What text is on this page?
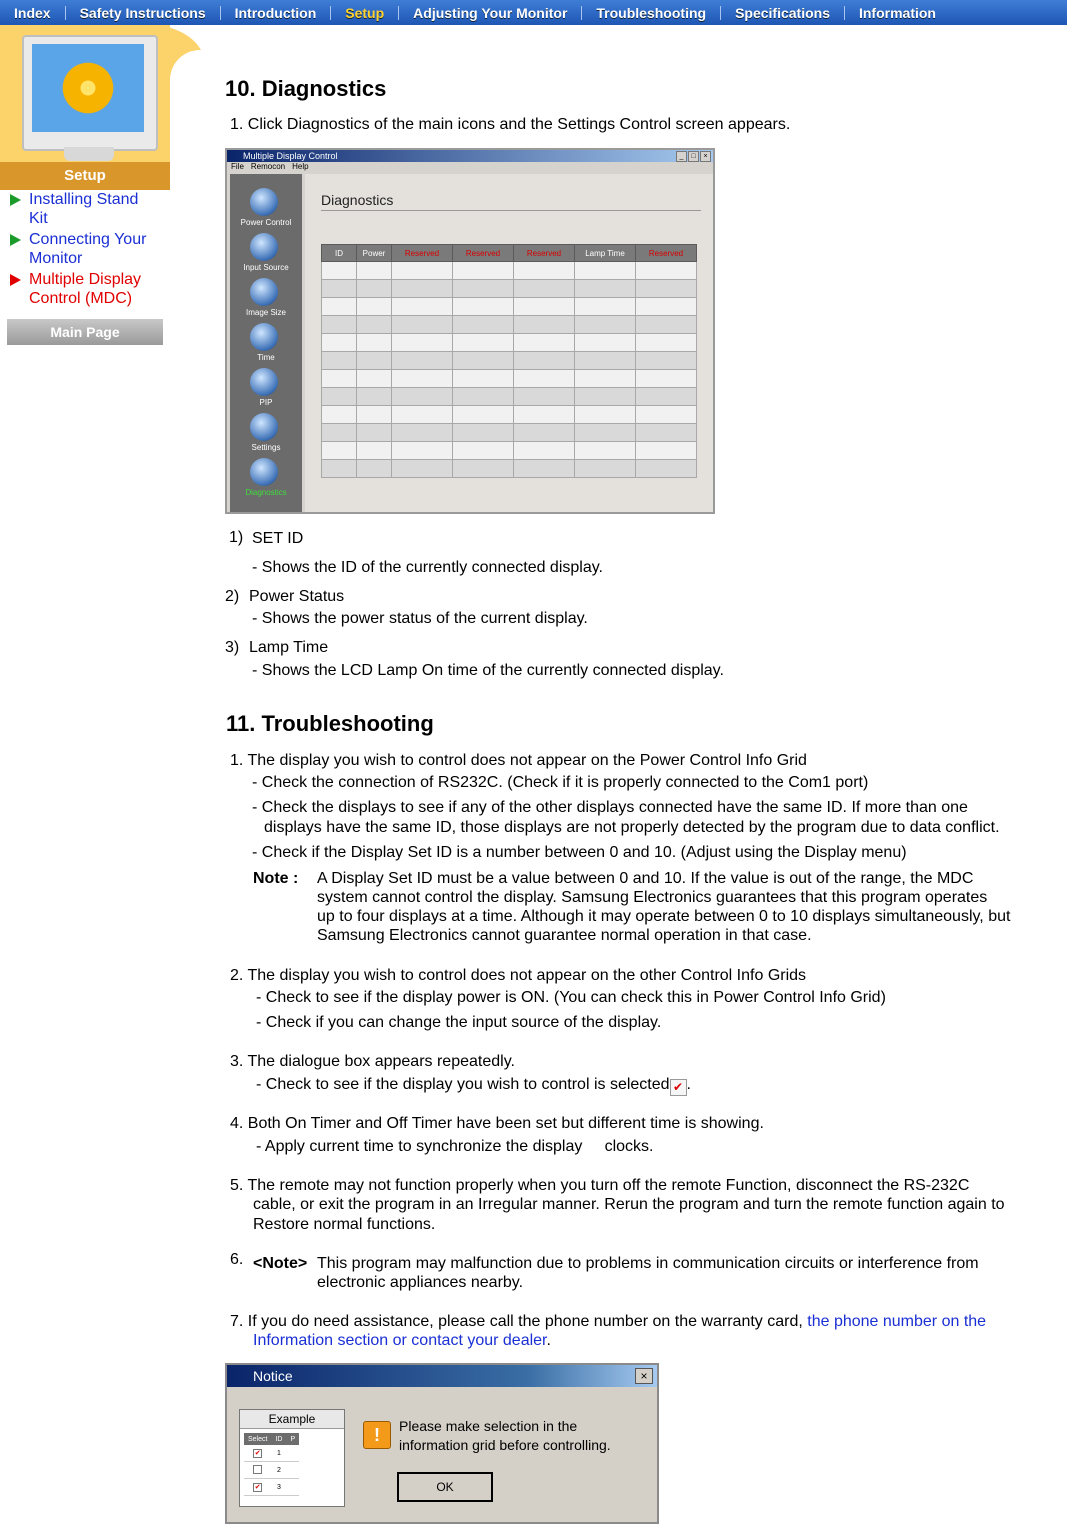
Index	Safety Instructions	Introduction	Setup	Adjusting Your Monitor	Troubleshooting	Specifications	Information
Setup
Installing Stand
Kit
Connecting Your
Monitor
Multiple Display
Control (MDC)
Main Page
10. Diagnostics
1. Click Diagnostics of the main icons and the Settings Control screen appears.
Multiple Display Control	_	□	×
File Remocon Help
Power Control
Input Source
Image Size
Time
PIP
Settings
Diagnostics
Diagnostics
ID	Power	Reserved	Reserved	Reserved	Lamp Time	Reserved

1) SET ID
- Shows the ID of the currently connected display.
2) Power Status
- Shows the power status of the current display.
3) Lamp Time
- Shows the LCD Lamp On time of the currently connected display.
11. Troubleshooting
1. The display you wish to control does not appear on the Power Control Info Grid
- Check the connection of RS232C. (Check if it is properly connected to the Com1 port)
- Check the displays to see if any of the other displays connected have the same ID. If more than one
displays have the same ID, those displays are not properly detected by the program due to data conflict.
- Check if the Display Set ID is a number between 0 and 10. (Adjust using the Display menu)
Note : A Display Set ID must be a value between 0 and 10. If the value is out of the range, the MDC
system cannot control the display. Samsung Electronics guarantees that this program operates
up to four displays at a time. Although it may operate between 0 to 10 displays simultaneously, but
Samsung Electronics cannot guarantee normal operation in that case.
2. The display you wish to control does not appear on the other Control Info Grids
- Check to see if the display power is ON. (You can check this in Power Control Info Grid)
- Check if you can change the input source of the display.
3. The dialogue box appears repeatedly.
- Check to see if the display you wish to control is selected ✔ .
4. Both On Timer and Off Timer have been set but different time is showing.
- Apply current time to synchronize the display     clocks.
5. The remote may not function properly when you turn off the remote Function, disconnect the RS-232C
cable, or exit the program in an Irregular manner. Rerun the program and turn the remote function again to
Restore normal functions.
6. <Note> This program may malfunction due to problems in communication circuits or interference from
electronic appliances nearby.
7. If you do need assistance, please call the phone number on the warranty card, the phone number on the
Information section or contact your dealer.
Notice	×
Example
Select	ID	P
✔	1	
	2	
✔	3	
!	Please make selection in the
information grid before controlling.
OK
